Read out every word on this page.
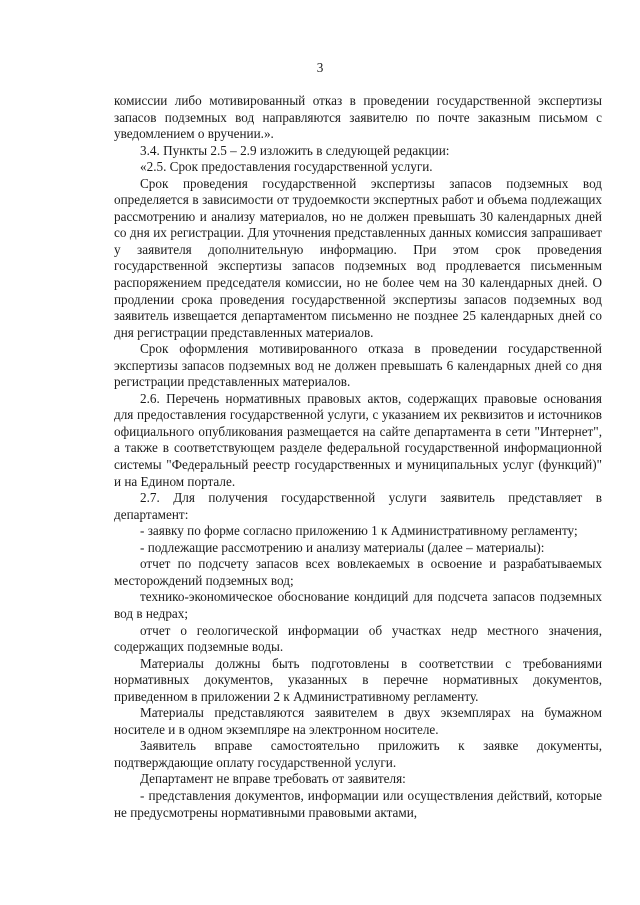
3

комиссии либо мотивированный отказ в проведении государственной экспертизы запасов подземных вод направляются заявителю по почте заказным письмом с уведомлением о вручении.».

3.4. Пункты 2.5 – 2.9 изложить в следующей редакции:

«2.5. Срок предоставления государственной услуги.

Срок проведения государственной экспертизы запасов подземных вод определяется в зависимости от трудоемкости экспертных работ и объема подлежащих рассмотрению и анализу материалов, но не должен превышать 30 календарных дней со дня их регистрации. Для уточнения представленных данных комиссия запрашивает у заявителя дополнительную информацию. При этом срок проведения государственной экспертизы запасов подземных вод продлевается письменным распоряжением председателя комиссии, но не более чем на 30 календарных дней. О продлении срока проведения государственной экспертизы запасов подземных вод заявитель извещается департаментом письменно не позднее 25 календарных дней со дня регистрации представленных материалов.

Срок оформления мотивированного отказа в проведении государственной экспертизы запасов подземных вод не должен превышать 6 календарных дней со дня регистрации представленных материалов.

2.6. Перечень нормативных правовых актов, содержащих правовые основания для предоставления государственной услуги, с указанием их реквизитов и источников официального опубликования размещается на сайте департамента в сети "Интернет", а также в соответствующем разделе федеральной государственной информационной системы "Федеральный реестр государственных и муниципальных услуг (функций)" и на Едином портале.

2.7. Для получения государственной услуги заявитель представляет в департамент:

- заявку по форме согласно приложению 1 к Административному регламенту;

- подлежащие рассмотрению и анализу материалы (далее – материалы):

отчет по подсчету запасов всех вовлекаемых в освоение и разрабатываемых месторождений подземных вод;

технико-экономическое обоснование кондиций для подсчета запасов подземных вод в недрах;

отчет о геологической информации об участках недр местного значения, содержащих подземные воды.

Материалы должны быть подготовлены в соответствии с требованиями нормативных документов, указанных в перечне нормативных документов, приведенном в приложении 2 к Административному регламенту.

Материалы представляются заявителем в двух экземплярах на бумажном носителе и в одном экземпляре на электронном носителе.

Заявитель вправе самостоятельно приложить к заявке документы, подтверждающие оплату государственной услуги.

Департамент не вправе требовать от заявителя:

- представления документов, информации или осуществления действий, которые не предусмотрены нормативными правовыми актами,
